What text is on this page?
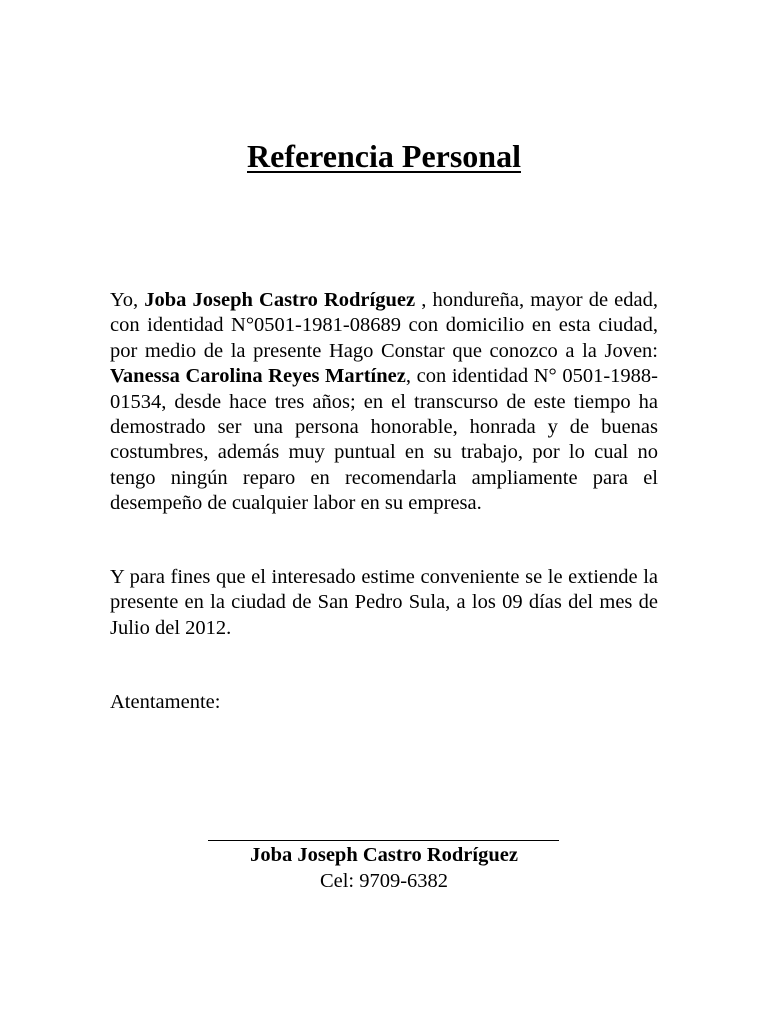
Referencia Personal

Yo, Joba Joseph Castro Rodríguez , hondureña, mayor de edad, con identidad N°0501-1981-08689 con domicilio en esta ciudad, por medio de la presente Hago Constar que conozco a la Joven: Vanessa Carolina Reyes Martínez, con identidad N° 0501-1988-01534, desde hace tres años; en el transcurso de este tiempo ha demostrado ser una persona honorable, honrada y de buenas costumbres, además muy puntual en su trabajo, por lo cual no tengo ningún reparo en recomendarla ampliamente para el desempeño de cualquier labor en su empresa.

Y para fines que el interesado estime conveniente se le extiende la presente en la ciudad de San Pedro Sula, a los 09 días del mes de Julio del 2012.

Atentamente:

Joba Joseph Castro Rodríguez

Cel: 9709-6382
